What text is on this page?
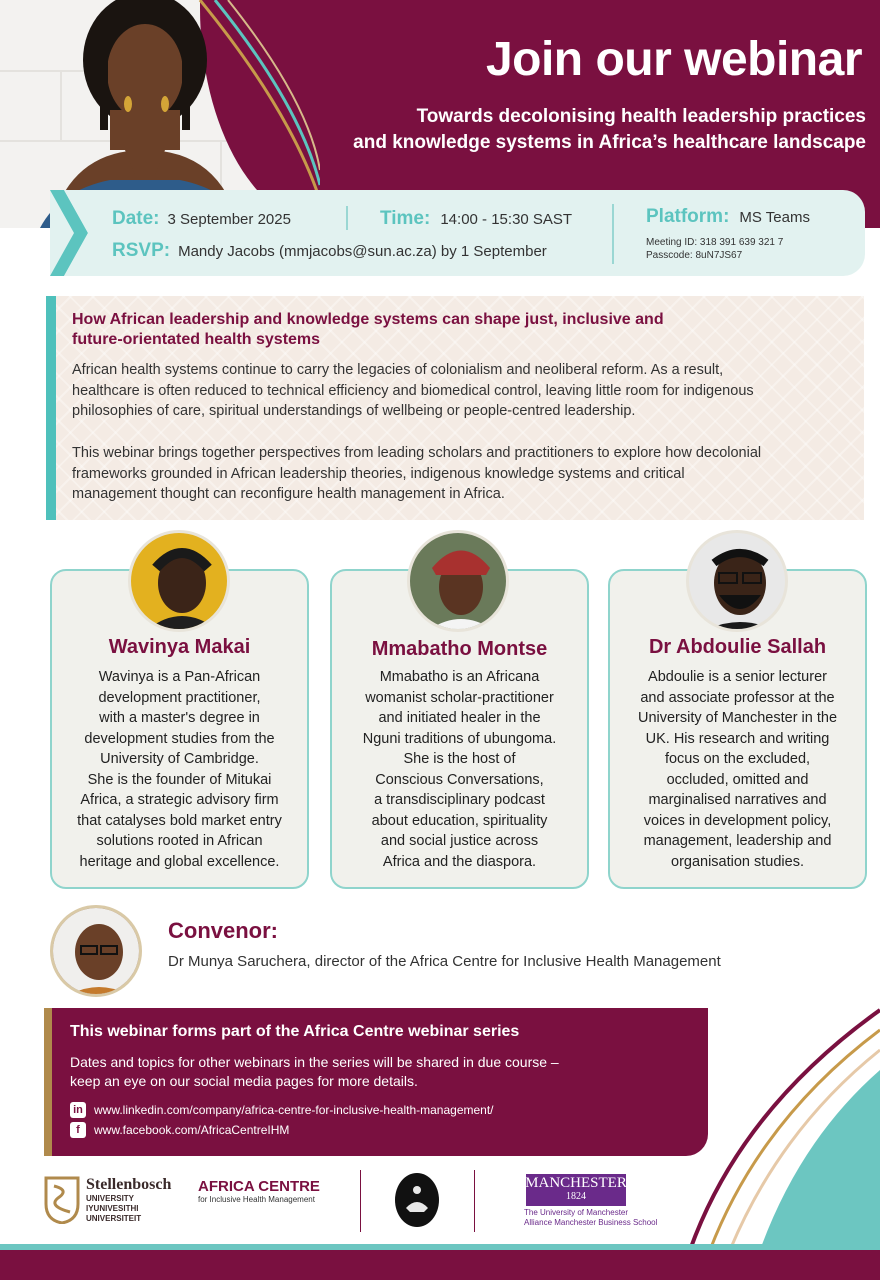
Join our webinar
Towards decolonising health leadership practices
and knowledge systems in Africa’s healthcare landscape
Date: 3 September 2025	Time: 14:00 - 15:30 SAST
RSVP: Mandy Jacobs (mmjacobs@sun.ac.za) by 1 September
Platform: MS Teams
Meeting ID: 318 391 639 321 7
Passcode: 8uN7JS67
How African leadership and knowledge systems can shape just, inclusive and
future-orientated health systems
African health systems continue to carry the legacies of colonialism and neoliberal reform. As a result,
healthcare is often reduced to technical efficiency and biomedical control, leaving little room for indigenous
philosophies of care, spiritual understandings of wellbeing or people-centred leadership.
This webinar brings together perspectives from leading scholars and practitioners to explore how decolonial
frameworks grounded in African leadership theories, indigenous knowledge systems and critical
management thought can reconfigure health management in Africa.
Wavinya Makai	Mmabatho Montse	Dr Abdoulie Sallah
Wavinya is a Pan-African
development practitioner,
with a master's degree in
development studies from the
University of Cambridge.
She is the founder of Mitukai
Africa, a strategic advisory firm
that catalyses bold market entry
solutions rooted in African
heritage and global excellence.
Mmabatho is an Africana
womanist scholar-practitioner
and initiated healer in the
Nguni traditions of ubungoma.
She is the host of
Conscious Conversations,
a transdisciplinary podcast
about education, spirituality
and social justice across
Africa and the diaspora.
Abdoulie is a senior lecturer
and associate professor at the
University of Manchester in the
UK. His research and writing
focus on the excluded,
occluded, omitted and
marginalised narratives and
voices in development policy,
management, leadership and
organisation studies.
Convenor:
Dr Munya Saruchera, director of the Africa Centre for Inclusive Health Management
This webinar forms part of the Africa Centre webinar series
Dates and topics for other webinars in the series will be shared in due course –
keep an eye on our social media pages for more details.
in www.linkedin.com/company/africa-centre-for-inclusive-health-management/
f	www.facebook.com/AfricaCentreIHM
Stellenbosch
UNIVERSITY
IYUNIVESITHI
UNIVERSITEIT
AFRICA CENTRE
for Inclusive Health Management
MANCHESTER
1824
The University of Manchester
Alliance Manchester Business School
